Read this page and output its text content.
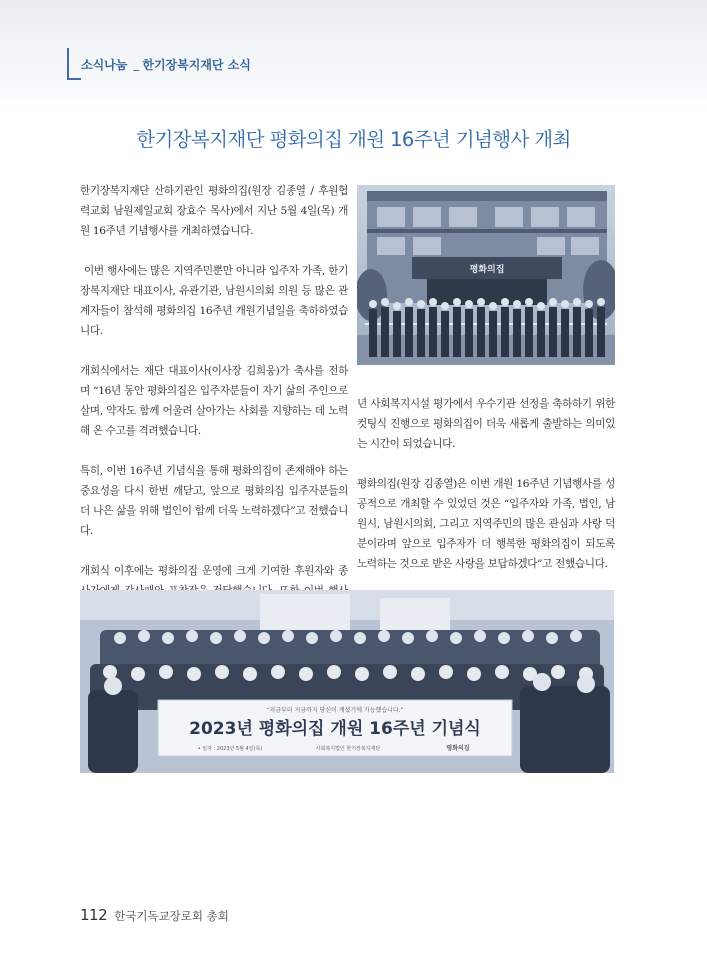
소식나눔 _ 한기장복지재단 소식
한기장복지재단 평화의집 개원 16주년 기념행사 개최

한기장복지재단 산하기관인 평화의집(원장 김종열 / 후원협력교회 남원제일교회 장효수 목사)에서 지난 5월 4일(목) 개원 16주년 기념행사를 개최하였습니다.

이번 행사에는 많은 지역주민뿐만 아니라 입주자 가족, 한기장복지재단 대표이사, 유관기관, 남원시의회 의원 등 많은 관계자들이 참석해 평화의집 16주년 개원기념일을 축하하였습니다.

개회식에서는 재단 대표이사(이사장 김희웅)가 축사를 전하며 “16년 동안 평화의집은 입주자분들이 자기 삶의 주인으로 살며, 약자도 함께 어울려 살아가는 사회를 지향하는 데 노력해 온 수고를 격려했습니다.

특히, 이번 16주년 기념식을 통해 평화의집이 존재해야 하는 중요성을 다시 한번 깨닫고, 앞으로 평화의집 입주자분들의 더 나은 삶을 위해 법인이 함께 더욱 노력하겠다”고 전했습니다.

개회식 이후에는 평화의집 운영에 크게 기여한 후원자와 종

평화의집

년 사회복지시설 평가에서 우수기관 선정을 축하하기 위한 컷팅식 진행으로 평화의집이 더욱 새롭게 출발하는 의미있는 시간이 되었습니다.

평화의집(원장 김종열)은 이번 개원 16주년 기념행사를 성공적으로 개최할 수 있었던 것은 “입주자와 가족, 법인, 남원시, 남원시의회, 그리고 지역주민의 많은 관심과 사랑 덕분이라며 앞으로 입주자가 더 행복한 평화의집이 되도록 노력하는 것으로 받은 사랑을 보답하겠다”고 전했습니다.

“지금부터 지금까지 당신이 계셨기에 가능했습니다.”
2023년 평화의집 개원 16주년 기념식
• 일자 : 2023년 5월 4일(목)	사회복지법인 한기장복지재단	평화의집
112 한국기독교장로회 총회
